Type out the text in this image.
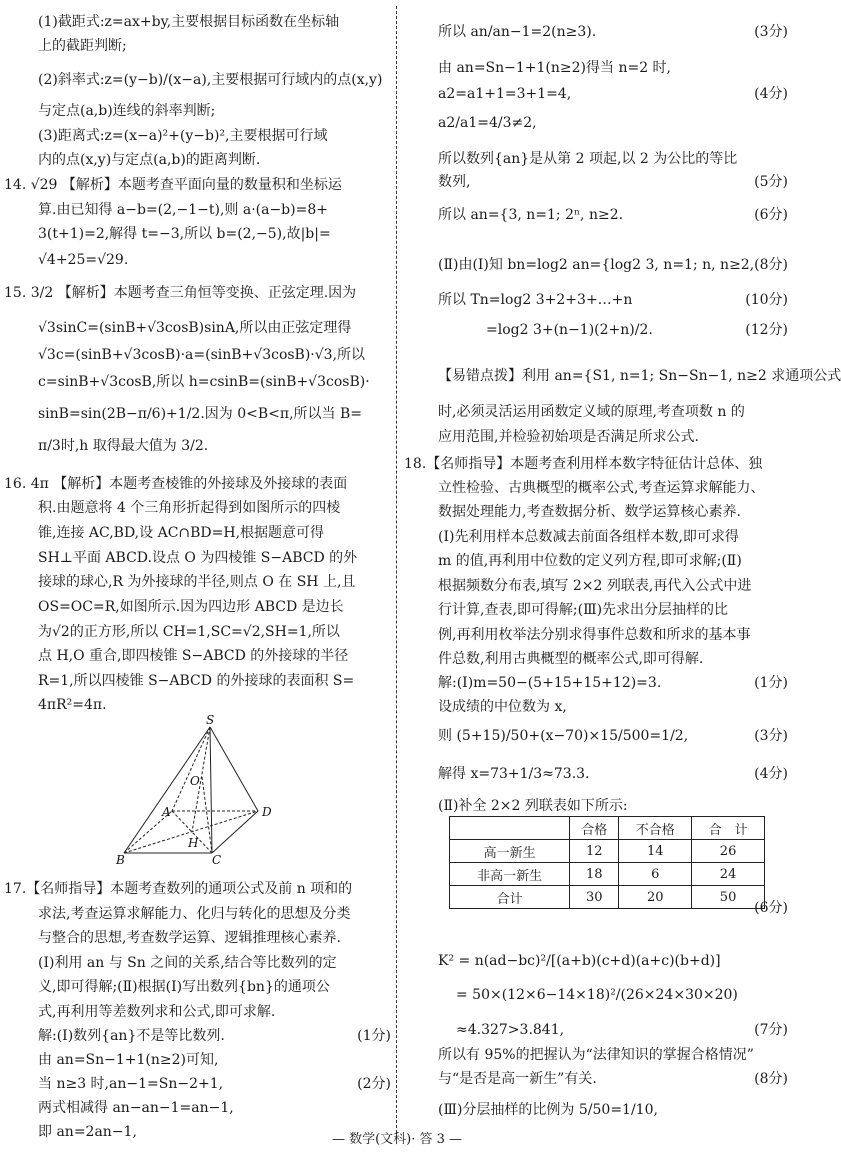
(1)截距式:z=ax+by,主要根据目标函数在坐标轴
上的截距判断;
(2)斜率式:z=(y−b)/(x−a),主要根据可行域内的点(x,y)
与定点(a,b)连线的斜率判断;
(3)距离式:z=(x−a)²+(y−b)²,主要根据可行域
内的点(x,y)与定点(a,b)的距离判断.
14. √29 【解析】本题考查平面向量的数量积和坐标运
算.由已知得 a−b=(2,−1−t),则 a·(a−b)=8+
3(t+1)=2,解得 t=−3,所以 b=(2,−5),故|b|=
√4+25=√29.
15. 3/2 【解析】本题考查三角恒等变换、正弦定理.因为
√3sinC=(sinB+√3cosB)sinA,所以由正弦定理得
√3c=(sinB+√3cosB)·a=(sinB+√3cosB)·√3,所以
c=sinB+√3cosB,所以 h=csinB=(sinB+√3cosB)·
sinB=sin(2B−π/6)+1/2.因为 0<B<π,所以当 B=
π/3时,h 取得最大值为 3/2.
16. 4π 【解析】本题考查棱锥的外接球及外接球的表面
积.由题意将 4 个三角形折起得到如图所示的四棱
锥,连接 AC,BD,设 AC∩BD=H,根据题意可得
SH⊥平面 ABCD.设点 O 为四棱锥 S−ABCD 的外
接球的球心,R 为外接球的半径,则点 O 在 SH 上,且
OS=OC=R,如图所示.因为四边形 ABCD 是边长
为√2的正方形,所以 CH=1,SC=√2,SH=1,所以
点 H,O 重合,即四棱锥 S−ABCD 的外接球的半径
R=1,所以四棱锥 S−ABCD 的外接球的表面积 S=
4πR²=4π.
17.【名师指导】本题考查数列的通项公式及前 n 项和的
求法,考查运算求解能力、化归与转化的思想及分类
与整合的思想,考查数学运算、逻辑推理核心素养.
(Ⅰ)利用 an 与 Sn 之间的关系,结合等比数列的定
义,即可得解;(Ⅱ)根据(Ⅰ)写出数列{bn}的通项公
式,再利用等差数列求和公式,即可求解.
解:(Ⅰ)数列{an}不是等比数列.	(1分)
由 an=Sn−1+1(n≥2)可知,
当 n≥3 时,an−1=Sn−2+1,	(2分)
两式相减得 an−an−1=an−1,
即 an=2an−1,
所以 an/an−1=2(n≥3).	(3分)
由 an=Sn−1+1(n≥2)得当 n=2 时,
a2=a1+1=3+1=4,	(4分)
a2/a1=4/3≠2,
所以数列{an}是从第 2 项起,以 2 为公比的等比
数列,	(5分)
所以 an={3, n=1; 2ⁿ, n≥2.	(6分)
(Ⅱ)由(Ⅰ)知 bn=log2 an={log2 3, n=1; n, n≥2, (8分)
所以 Tn=log2 3+2+3+…+n	(10分)
=log2 3+(n−1)(2+n)/2.	(12分)
【易错点拨】利用 an={S1, n=1; Sn−Sn−1, n≥2 求通项公式
时,必须灵活运用函数定义域的原理,考查项数 n 的
应用范围,并检验初始项是否满足所求公式.
18.【名师指导】本题考查利用样本数字特征估计总体、独
立性检验、古典概型的概率公式,考查运算求解能力、
数据处理能力,考查数据分析、数学运算核心素养.
(Ⅰ)先利用样本总数减去前面各组样本数,即可求得
m 的值,再利用中位数的定义列方程,即可求解;(Ⅱ)
根据频数分布表,填写 2×2 列联表,再代入公式中进
行计算,查表,即可得解;(Ⅲ)先求出分层抽样的比
例,再利用枚举法分别求得事件总数和所求的基本事
件总数,利用古典概型的概率公式,即可得解.
解:(Ⅰ)m=50−(5+15+15+12)=3.	(1分)
设成绩的中位数为 x,
则 (5+15)/50+(x−70)×15/500=1/2,	(3分)
解得 x=73+1/3≈73.3.	(4分)
(Ⅱ)补全 2×2 列联表如下所示:
(6分)
K² = n(ad−bc)²/[(a+b)(c+d)(a+c)(b+d)]
= 50×(12×6−14×18)²/(26×24×30×20)
≈4.327>3.841,	(7分)
所以有 95%的把握认为“法律知识的掌握合格情况”
与“是否是高一新生”有关.	(8分)
(Ⅲ)分层抽样的比例为 5/50=1/10,
S
O
A	D
H
B	C
	合格	不合格	合　计
高一新生	12	14	26
非高一新生	18	6	24
合计	30	20	50
— 数学(文科)· 答 3 —
